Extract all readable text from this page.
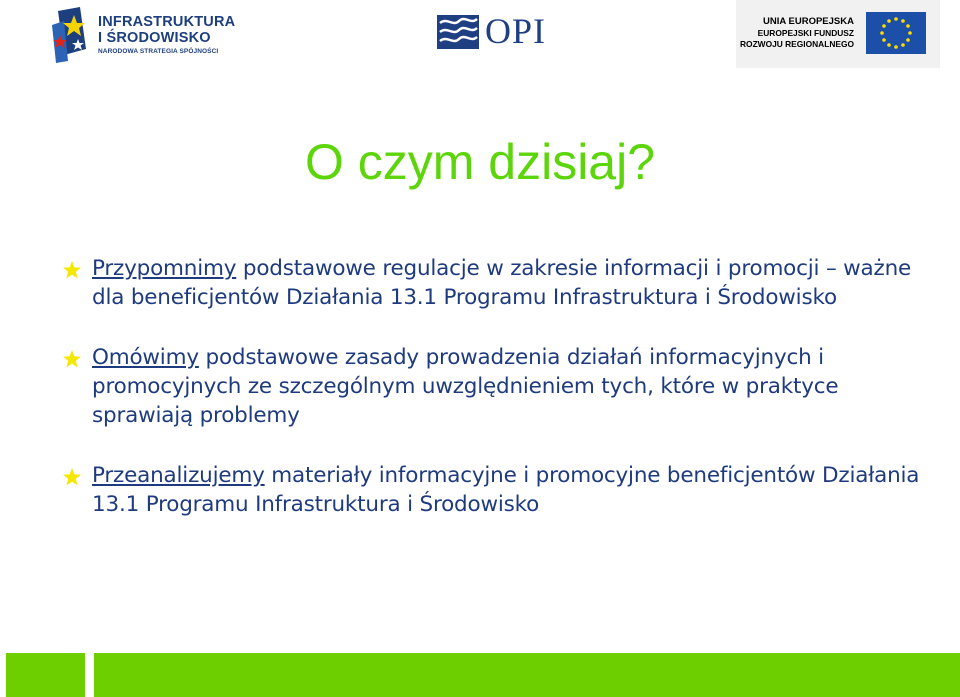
INFRASTRUKTURA
I ŚRODOWISKO
NARODOWA STRATEGIA SPÓJNOŚCI
OPI	UNIA EUROPEJSKA
EUROPEJSKI FUNDUSZ
ROZWOJU REGIONALNEGO
O czym dzisiaj?
Przypomnimy podstawowe regulacje w zakresie informacji i promocji – ważne dla beneficjentów Działania 13.1 Programu Infrastruktura i Środowisko
Omówimy podstawowe zasady prowadzenia działań informacyjnych i promocyjnych ze szczególnym uwzględnieniem tych, które w praktyce sprawiają problemy
Przeanalizujemy materiały informacyjne i promocyjne beneficjentów Działania 13.1 Programu Infrastruktura i Środowisko
